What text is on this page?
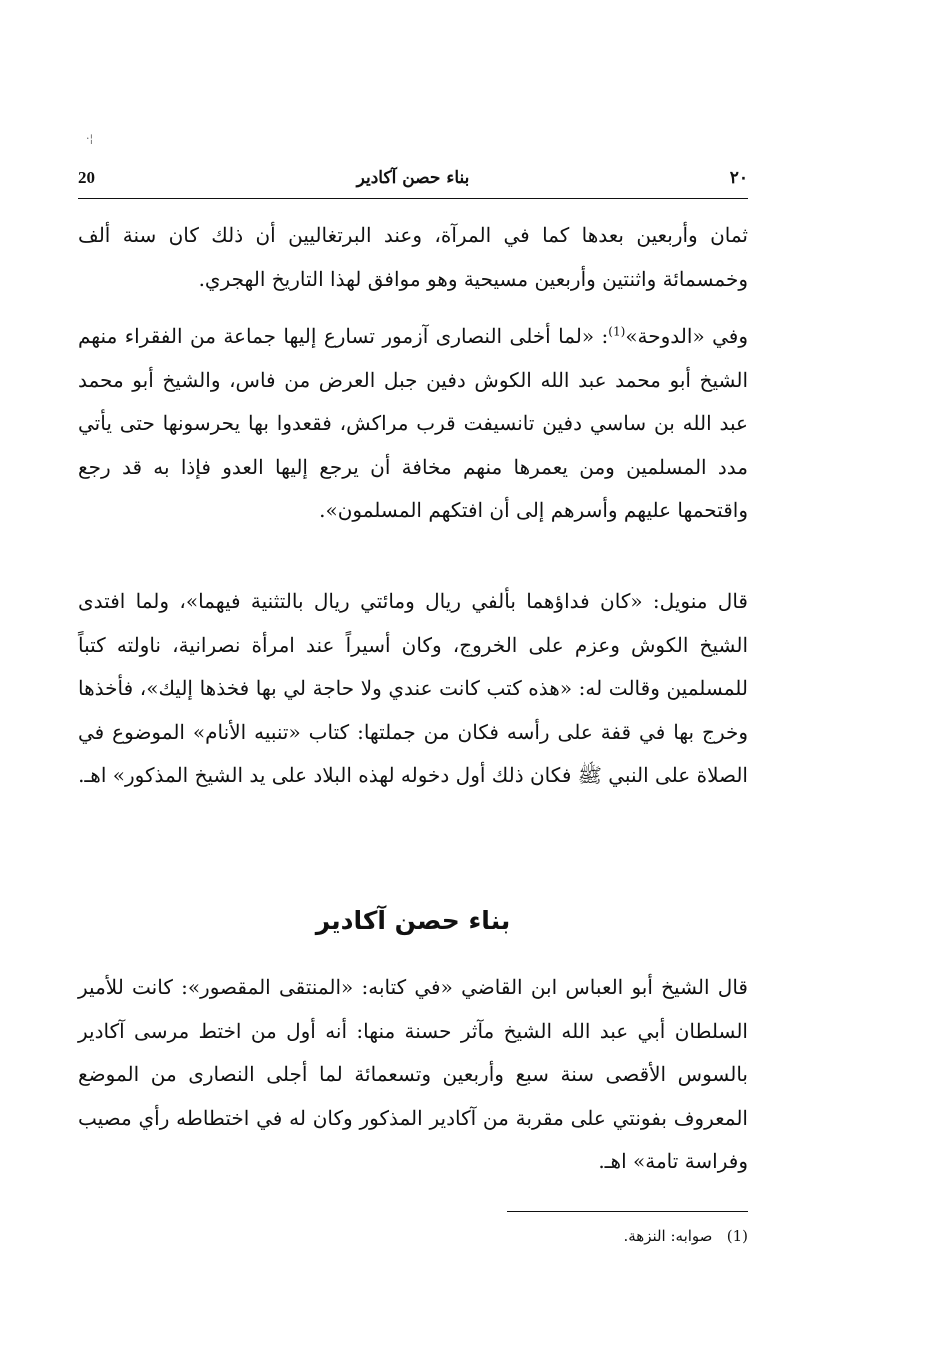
·¦
20	بناء حصن آكادير	٢٠

ثمان وأربعين بعدها كما في المرآة، وعند البرتغاليين أن ذلك كان سنة ألف وخمسمائة واثنتين وأربعين مسيحية وهو موافق لهذا التاريخ الهجري.

وفي «الدوحة»$^{(1)}$: «لما أخلى النصارى آزمور تسارع إليها جماعة من الفقراء منهم الشيخ أبو محمد عبد الله الكوش دفين جبل العرض من فاس، والشيخ أبو محمد عبد الله بن ساسي دفين تانسيفت قرب مراكش، فقعدوا بها يحرسونها حتى يأتي مدد المسلمين ومن يعمرها منهم مخافة أن يرجع إليها العدو فإذا به قد رجع واقتحمها عليهم وأسرهم إلى أن افتكهم المسلمون».

قال منويل: «كان فداؤهما بألفي ريال ومائتي ريال بالتثنية فيهما»، ولما افتدى الشيخ الكوش وعزم على الخروج، وكان أسيراً عند امرأة نصرانية، ناولته كتباً للمسلمين وقالت له: «هذه كتب كانت عندي ولا حاجة لي بها فخذها إليك»، فأخذها وخرج بها في قفة على رأسه فكان من جملتها: كتاب «تنبيه الأنام» الموضوع في الصلاة على النبي ﷺ فكان ذلك أول دخوله لهذه البلاد على يد الشيخ المذكور» اهـ.

بناء حصن آكادير

قال الشيخ أبو العباس ابن القاضي «في كتابه: «المنتقى المقصور»: كانت للأمير السلطان أبي عبد الله الشيخ مآثر حسنة منها: أنه أول من اختط مرسى آكادير بالسوس الأقصى سنة سبع وأربعين وتسعمائة لما أجلى النصارى من الموضع المعروف بفونتي على مقربة من آكادير المذكور وكان له في اختطاطه رأي مصيب وفراسة تامة» اهـ.

(1)   صوابه: النزهة.
